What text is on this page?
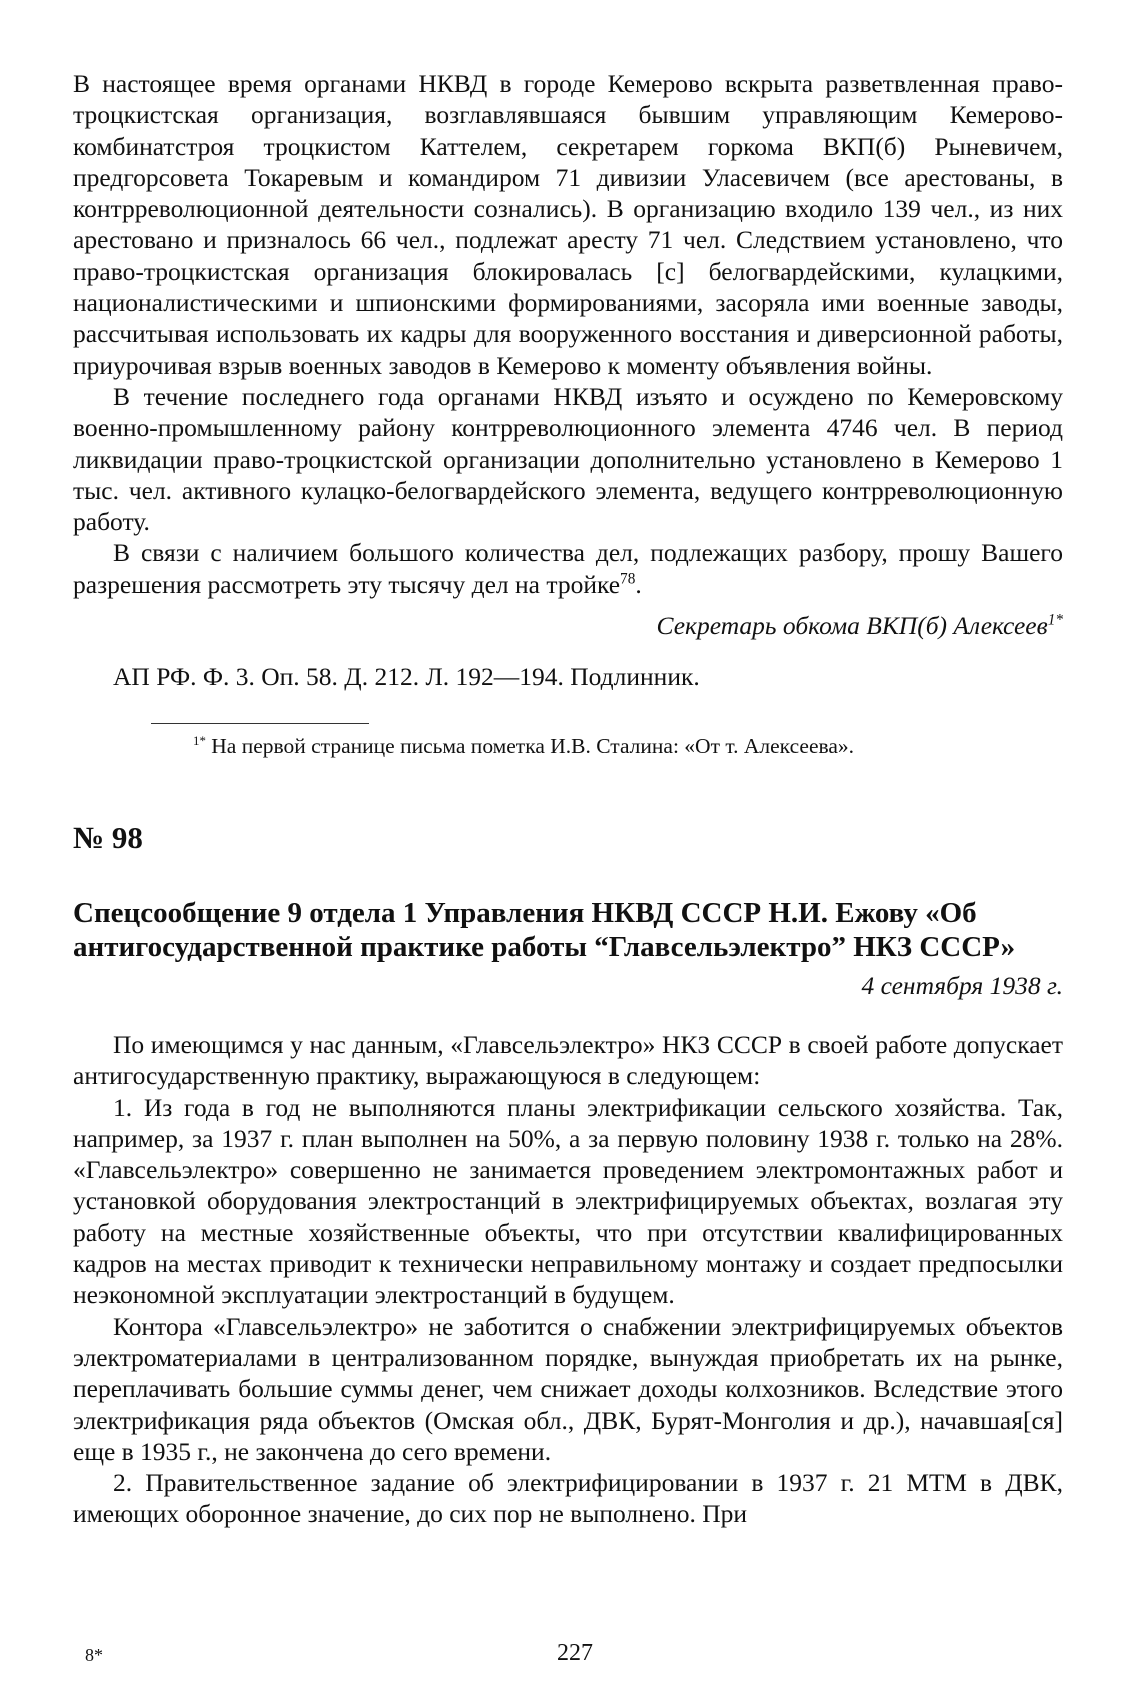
В настоящее время органами НКВД в городе Кемерово вскрыта разветвленная право-троцкистская организация, возглавлявшаяся бывшим управляющим Кемерово-комбинатстроя троцкистом Каттелем, секретарем горкома ВКП(б) Рыневичем, предгорсовета Токаревым и командиром 71 дивизии Уласевичем (все арестованы, в контрреволюционной деятельности сознались). В организацию входило 139 чел., из них арестовано и призналось 66 чел., подлежат аресту 71 чел. Следствием установлено, что право-троцкистская организация блокировалась [с] белогвардейскими, кулацкими, националистическими и шпионскими формированиями, засоряла ими военные заводы, рассчитывая использовать их кадры для вооруженного восстания и диверсионной работы, приурочивая взрыв военных заводов в Кемерово к моменту объявления войны.

В течение последнего года органами НКВД изъято и осуждено по Кемеровскому военно-промышленному району контрреволюционного элемента 4746 чел. В период ликвидации право-троцкистской организации дополнительно установлено в Кемерово 1 тыс. чел. активного кулацко-белогвардейского элемента, ведущего контрреволюционную работу.

В связи с наличием большого количества дел, подлежащих разбору, прошу Вашего разрешения рассмотреть эту тысячу дел на тройке$^{78}$.

Секретарь обкома ВКП(б) Алексеев$^{1*}$
АП РФ. Ф. 3. Оп. 58. Д. 212. Л. 192—194. Подлинник.
$^{1*}$ На первой странице письма пометка И.В. Сталина: «От т. Алексеева».
№ 98
Спецсообщение 9 отдела 1 Управления НКВД СССР Н.И. Ежову «Об антигосударственной практике работы “Главсельэлектро” НКЗ СССР»
4 сентября 1938 г.

По имеющимся у нас данным, «Главсельэлектро» НКЗ СССР в своей работе допускает антигосударственную практику, выражающуюся в следующем:

1. Из года в год не выполняются планы электрификации сельского хозяйства. Так, например, за 1937 г. план выполнен на 50%, а за первую половину 1938 г. только на 28%. «Главсельэлектро» совершенно не занимается проведением электромонтажных работ и установкой оборудования электростанций в электрифицируемых объектах, возлагая эту работу на местные хозяйственные объекты, что при отсутствии квалифицированных кадров на местах приводит к технически неправильному монтажу и создает предпосылки неэкономной эксплуатации электростанций в будущем.

Контора «Главсельэлектро» не заботится о снабжении электрифицируемых объектов электроматериалами в централизованном порядке, вынуждая приобретать их на рынке, переплачивать большие суммы денег, чем снижает доходы колхозников. Вследствие этого электрификация ряда объектов (Омская обл., ДВК, Бурят-Монголия и др.), начавшая[ся] еще в 1935 г., не закончена до сего времени.

2. Правительственное задание об электрифицировании в 1937 г. 21 МТМ в ДВК, имеющих оборонное значение, до сих пор не выполнено. При

8*	227
